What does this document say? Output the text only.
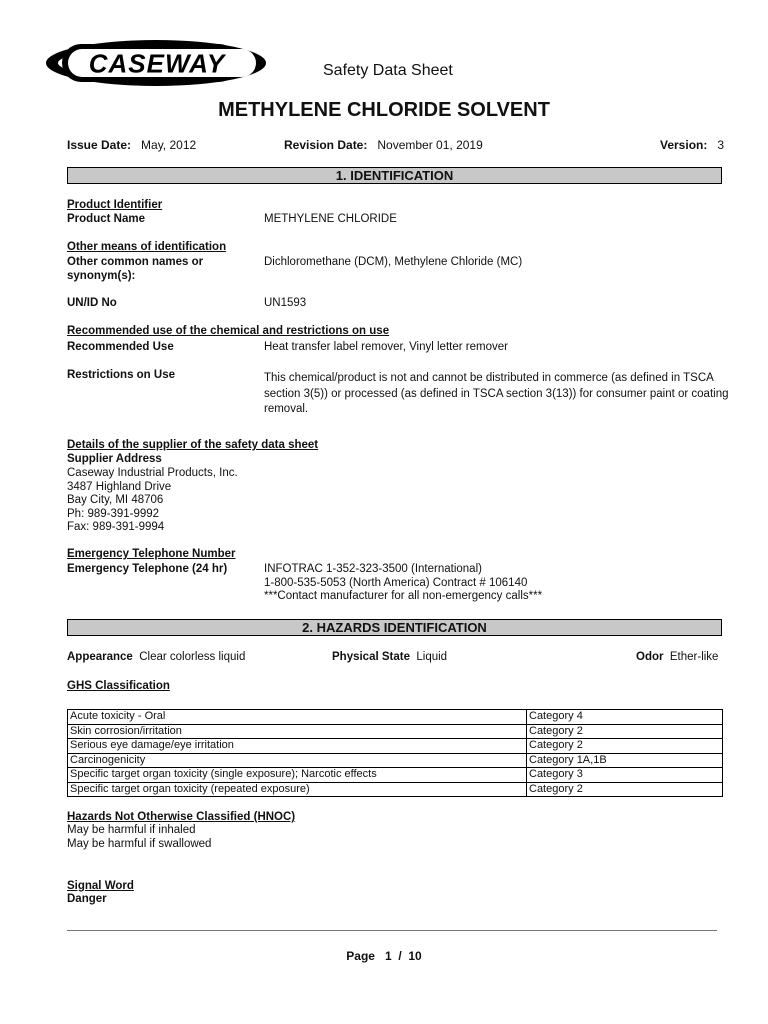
CASEWAY	Safety Data Sheet
METHYLENE CHLORIDE SOLVENT
Issue Date: May, 2012	Revision Date: November 01, 2019	Version: 3
1. IDENTIFICATION
Product Identifier
Product Name	METHYLENE CHLORIDE
Other means of identification
Other common names or
synonym(s):
Dichloromethane (DCM), Methylene Chloride (MC)
UN/ID No	UN1593
Recommended use of the chemical and restrictions on use
Recommended Use	Heat transfer label remover, Vinyl letter remover
Restrictions on Use	This chemical/product is not and cannot be distributed in commerce (as defined in TSCA
section 3(5)) or processed (as defined in TSCA section 3(13)) for consumer paint or coating
removal.
Details of the supplier of the safety data sheet
Supplier Address
Caseway Industrial Products, Inc.
3487 Highland Drive
Bay City, MI 48706
Ph: 989-391-9992
Fax: 989-391-9994
Emergency Telephone Number
Emergency Telephone (24 hr)	INFOTRAC 1-352-323-3500 (International)
1-800-535-5053 (North America) Contract # 106140
***Contact manufacturer for all non-emergency calls***
2. HAZARDS IDENTIFICATION
Appearance Clear colorless liquid	Physical State Liquid	Odor Ether-like
GHS Classification
Acute toxicity - Oral	Category 4
Skin corrosion/irritation	Category 2
Serious eye damage/eye irritation	Category 2
Carcinogenicity	Category 1A,1B
Specific target organ toxicity (single exposure); Narcotic effects	Category 3
Specific target organ toxicity (repeated exposure)	Category 2
Hazards Not Otherwise Classified (HNOC)
May be harmful if inhaled
May be harmful if swallowed
Signal Word
Danger
Page 1 / 10
